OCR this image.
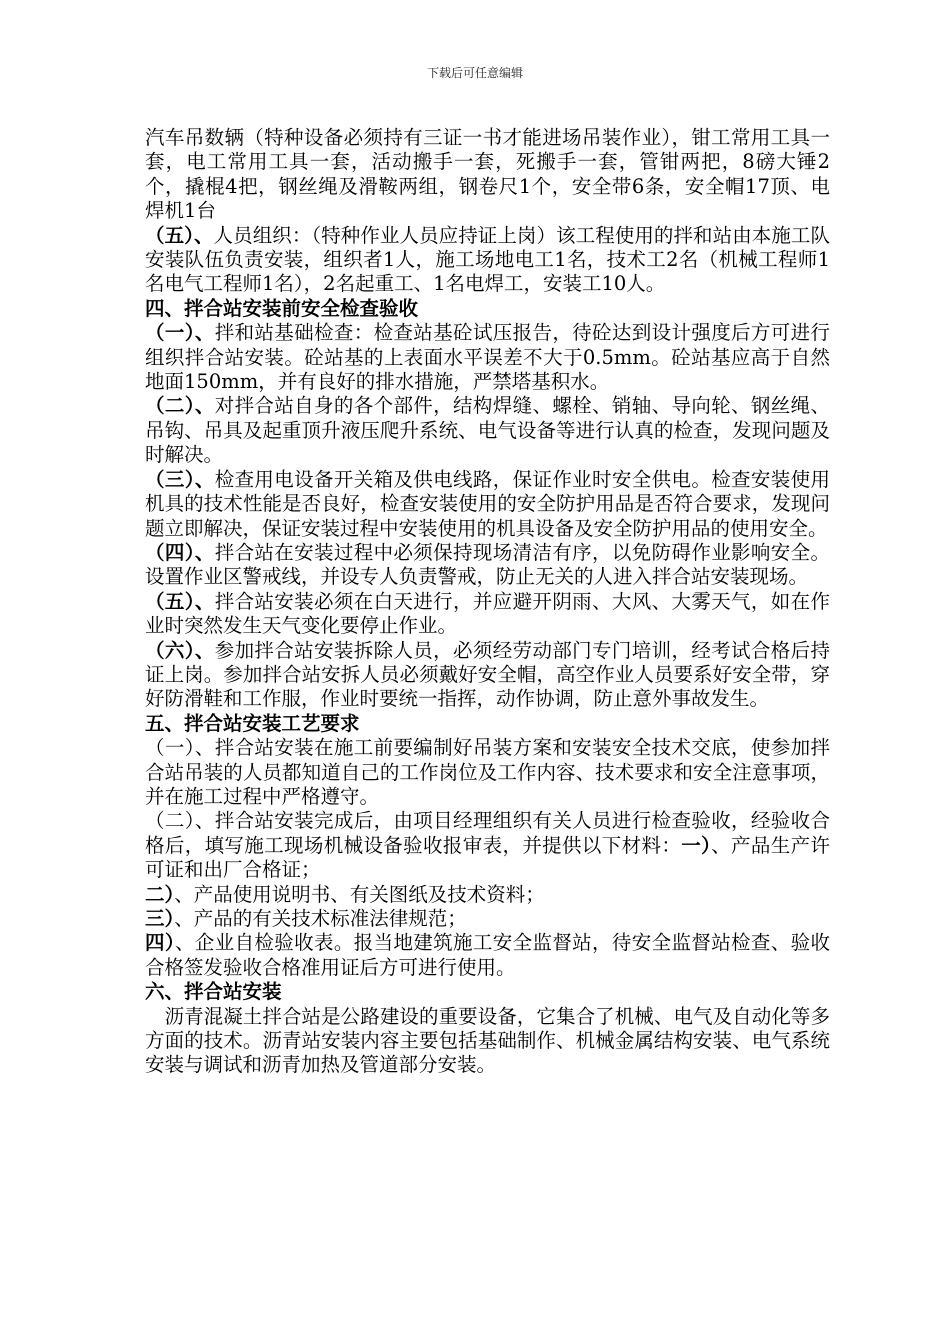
下载后可任意编辑

汽车吊数辆（特种设备必须持有三证一书才能进场吊装作业），钳工常用工具一套，电工常用工具一套，活动搬手一套，死搬手一套，管钳两把，8磅大锤2个，撬棍4把，钢丝绳及滑鞍两组，钢卷尺1个，安全带6条，安全帽17顶、电焊机1台

（五）、人员组织：（特种作业人员应持证上岗）该工程使用的拌和站由本施工队安装队伍负责安装，组织者1人，施工场地电工1名，技术工2名（机械工程师1名电气工程师1名），2名起重工、1名电焊工，安装工10人。

四、拌合站安装前安全检查验收

（一）、拌和站基础检查：检查站基砼试压报告，待砼达到设计强度后方可进行组织拌合站安装。砼站基的上表面水平误差不大于0.5mm。砼站基应高于自然地面150mm，并有良好的排水措施，严禁塔基积水。

（二）、对拌合站自身的各个部件，结构焊缝、螺栓、销轴、导向轮、钢丝绳、吊钩、吊具及起重顶升液压爬升系统、电气设备等进行认真的检查，发现问题及时解决。

（三）、检查用电设备开关箱及供电线路，保证作业时安全供电。检查安装使用机具的技术性能是否良好，检查安装使用的安全防护用品是否符合要求，发现问题立即解决，保证安装过程中安装使用的机具设备及安全防护用品的使用安全。

（四）、拌合站在安装过程中必须保持现场清洁有序，以免防碍作业影响安全。设置作业区警戒线，并设专人负责警戒，防止无关的人进入拌合站安装现场。

（五）、拌合站安装必须在白天进行，并应避开阴雨、大风、大雾天气，如在作业时突然发生天气变化要停止作业。

（六）、参加拌合站安装拆除人员，必须经劳动部门专门培训，经考试合格后持证上岗。参加拌合站安拆人员必须戴好安全帽，高空作业人员要系好安全带，穿好防滑鞋和工作服，作业时要统一指挥，动作协调，防止意外事故发生。

五、拌合站安装工艺要求

（一）、拌合站安装在施工前要编制好吊装方案和安装安全技术交底，使参加拌合站吊装的人员都知道自己的工作岗位及工作内容、技术要求和安全注意事项，并在施工过程中严格遵守。

（二）、拌合站安装完成后，由项目经理组织有关人员进行检查验收，经验收合格后，填写施工现场机械设备验收报审表，并提供以下材料：一）、产品生产许可证和出厂合格证；

二）、产品使用说明书、有关图纸及技术资料；

三）、产品的有关技术标准法律规范；

四）、企业自检验收表。报当地建筑施工安全监督站，待安全监督站检查、验收合格签发验收合格准用证后方可进行使用。

六、拌合站安装

沥青混凝土拌合站是公路建设的重要设备，它集合了机械、电气及自动化等多方面的技术。沥青站安装内容主要包括基础制作、机械金属结构安装、电气系统安装与调试和沥青加热及管道部分安装。
